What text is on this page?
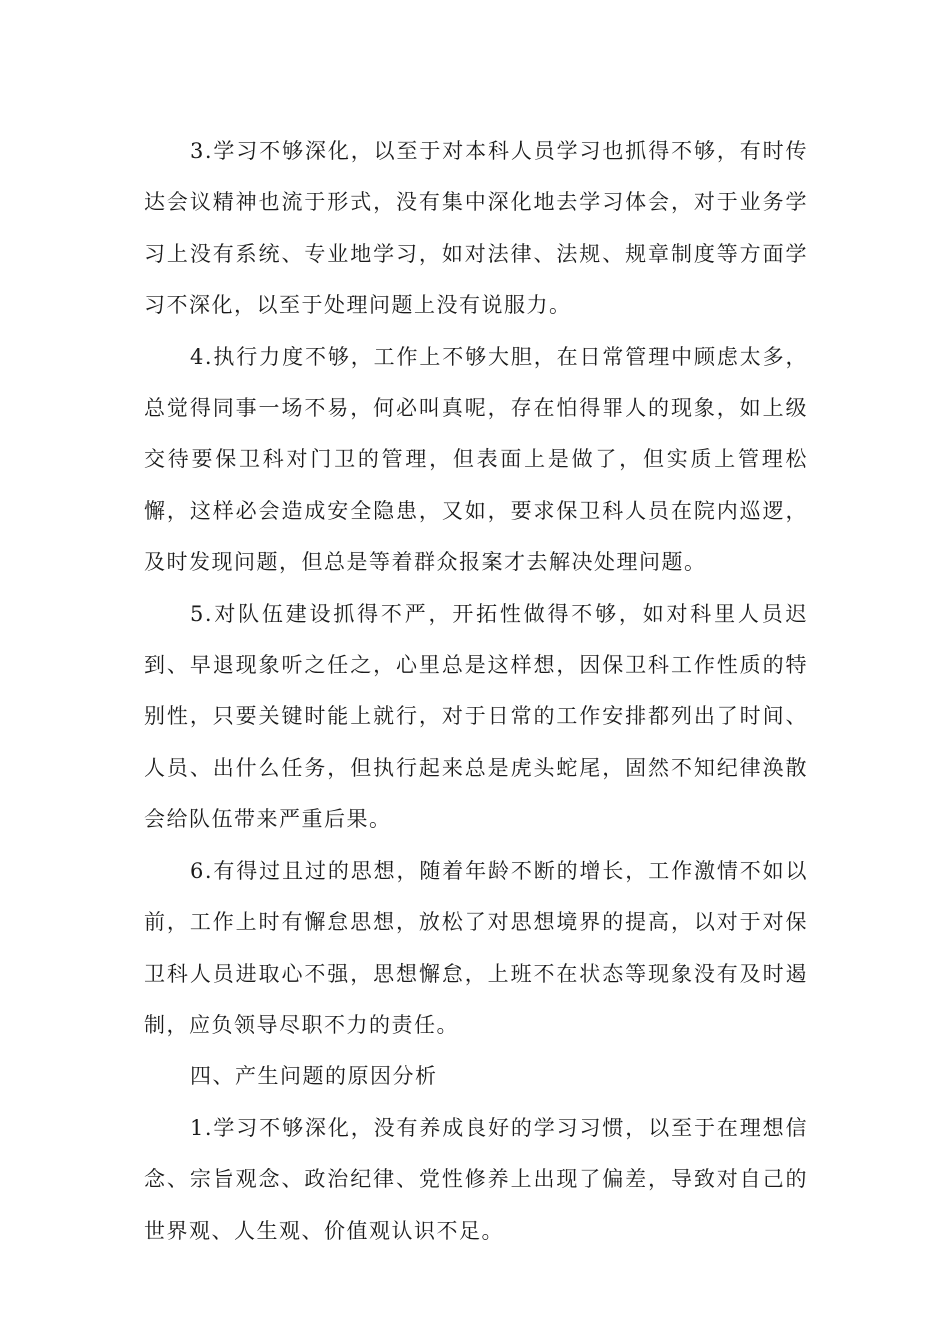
3.学习不够深化，以至于对本科人员学习也抓得不够，有时传达会议精神也流于形式，没有集中深化地去学习体会，对于业务学习上没有系统、专业地学习，如对法律、法规、规章制度等方面学习不深化，以至于处理问题上没有说服力。

4.执行力度不够，工作上不够大胆，在日常管理中顾虑太多，总觉得同事一场不易，何必叫真呢，存在怕得罪人的现象，如上级交待要保卫科对门卫的管理，但表面上是做了，但实质上管理松懈，这样必会造成安全隐患，又如，要求保卫科人员在院内巡逻，及时发现问题，但总是等着群众报案才去解决处理问题。

5.对队伍建设抓得不严，开拓性做得不够，如对科里人员迟到、早退现象听之任之，心里总是这样想，因保卫科工作性质的特别性，只要关键时能上就行，对于日常的工作安排都列出了时间、人员、出什么任务，但执行起来总是虎头蛇尾，固然不知纪律涣散会给队伍带来严重后果。

6.有得过且过的思想，随着年龄不断的增长，工作激情不如以前，工作上时有懈怠思想，放松了对思想境界的提高，以对于对保卫科人员进取心不强，思想懈怠，上班不在状态等现象没有及时遏制，应负领导尽职不力的责任。

四、产生问题的原因分析

1.学习不够深化，没有养成良好的学习习惯，以至于在理想信念、宗旨观念、政治纪律、党性修养上出现了偏差，导致对自己的世界观、人生观、价值观认识不足。
